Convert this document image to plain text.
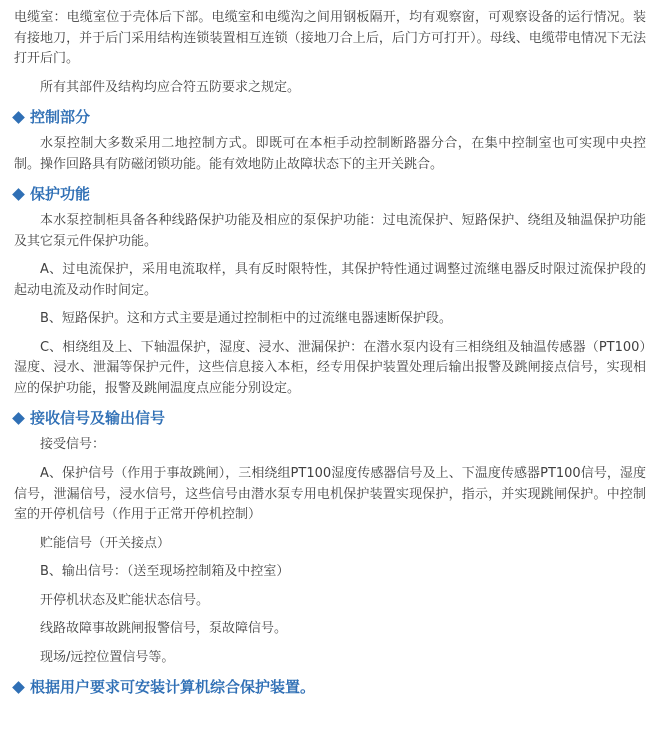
电缆室：电缆室位于壳体后下部。电缆室和电缆沟之间用钢板隔开，均有观察窗，可观察设备的运行情况。装有接地刀，并于后门采用结构连锁装置相互连锁（接地刀合上后，后门方可打开）。母线、电缆带电情况下无法打开后门。

所有其部件及结构均应合符五防要求之规定。

控制部分

水泵控制大多数采用二地控制方式。即既可在本柜手动控制断路器分合，在集中控制室也可实现中央控制。操作回路具有防磁闭锁功能。能有效地防止故障状态下的主开关跳合。

保护功能

本水泵控制柜具备各种线路保护功能及相应的泵保护功能：过电流保护、短路保护、绕组及轴温保护功能及其它泵元件保护功能。

A、过电流保护，采用电流取样，具有反时限特性，其保护特性通过调整过流继电器反时限过流保护段的起动电流及动作时间定。

B、短路保护。这和方式主要是通过控制柜中的过流继电器速断保护段。

C、相绕组及上、下轴温保护，湿度、浸水、泄漏保护：在潜水泵内设有三相绕组及轴温传感器（PT100）湿度、浸水、泄漏等保护元件，这些信息接入本柜，经专用保护装置处理后输出报警及跳闸接点信号，实现相应的保护功能，报警及跳闸温度点应能分别设定。

接收信号及输出信号

接受信号：

A、保护信号（作用于事故跳闸），三相绕组PT100湿度传感器信号及上、下温度传感器PT100信号，湿度信号，泄漏信号，浸水信号，这些信号由潜水泵专用电机保护装置实现保护，指示，并实现跳闸保护。中控制室的开停机信号（作用于正常开停机控制）

贮能信号（开关接点）

B、输出信号：（送至现场控制箱及中控室）

开停机状态及贮能状态信号。

线路故障事故跳闸报警信号，泵故障信号。

现场/远控位置信号等。

根据用户要求可安装计算机综合保护装置。
